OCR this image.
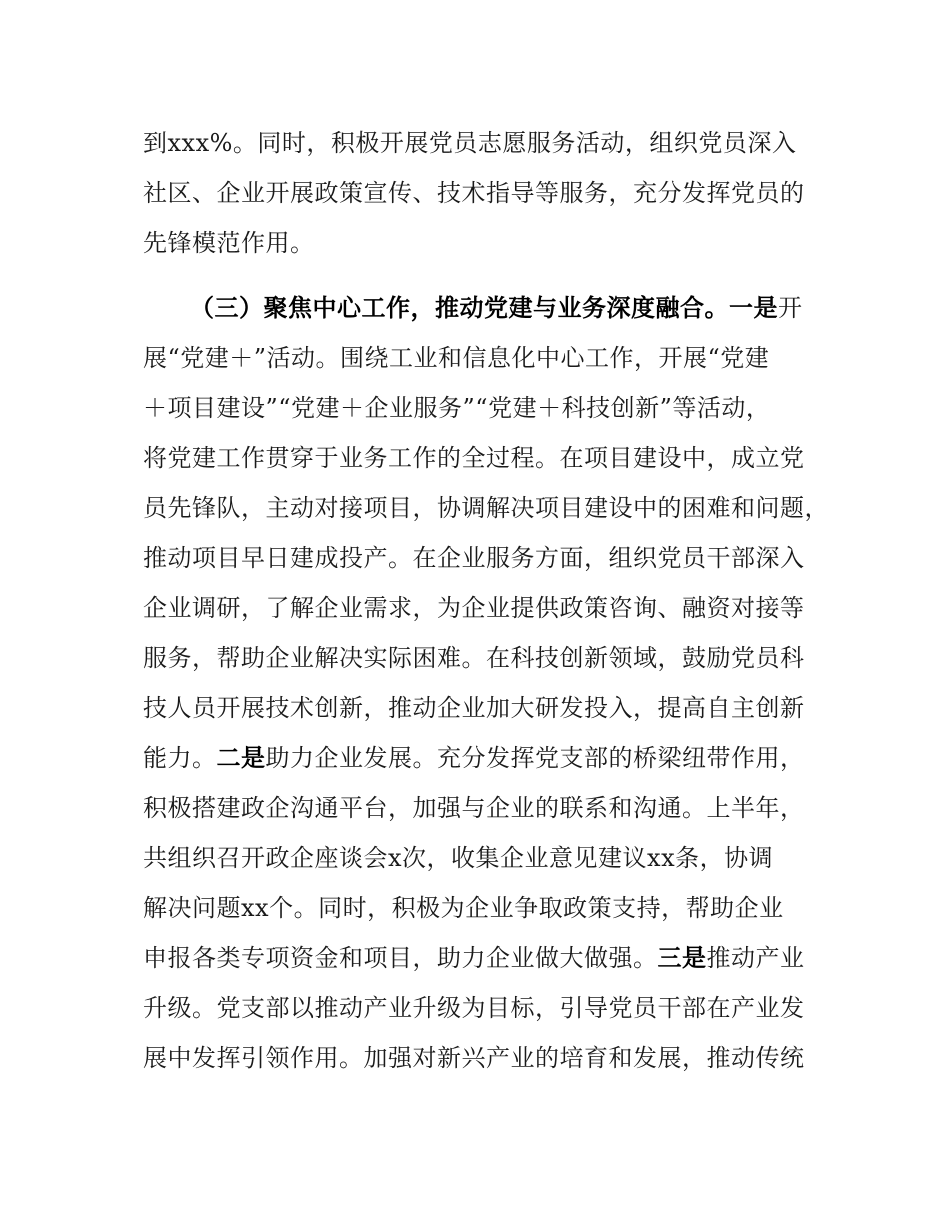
到xxx%。同时，积极开展党员志愿服务活动，组织党员深入
社区、企业开展政策宣传、技术指导等服务，充分发挥党员的
先锋模范作用。
（三）聚焦中心工作，推动党建与业务深度融合。一是开
展“党建＋”活动。围绕工业和信息化中心工作，开展“党建
＋项目建设”“党建＋企业服务”“党建＋科技创新”等活动，
将党建工作贯穿于业务工作的全过程。在项目建设中，成立党
员先锋队，主动对接项目，协调解决项目建设中的困难和问题，
推动项目早日建成投产。在企业服务方面，组织党员干部深入
企业调研，了解企业需求，为企业提供政策咨询、融资对接等
服务，帮助企业解决实际困难。在科技创新领域，鼓励党员科
技人员开展技术创新，推动企业加大研发投入，提高自主创新
能力。二是助力企业发展。充分发挥党支部的桥梁纽带作用，
积极搭建政企沟通平台，加强与企业的联系和沟通。上半年，
共组织召开政企座谈会x次，收集企业意见建议xx条，协调
解决问题xx个。同时，积极为企业争取政策支持，帮助企业
申报各类专项资金和项目，助力企业做大做强。三是推动产业
升级。党支部以推动产业升级为目标，引导党员干部在产业发
展中发挥引领作用。加强对新兴产业的培育和发展，推动传统
